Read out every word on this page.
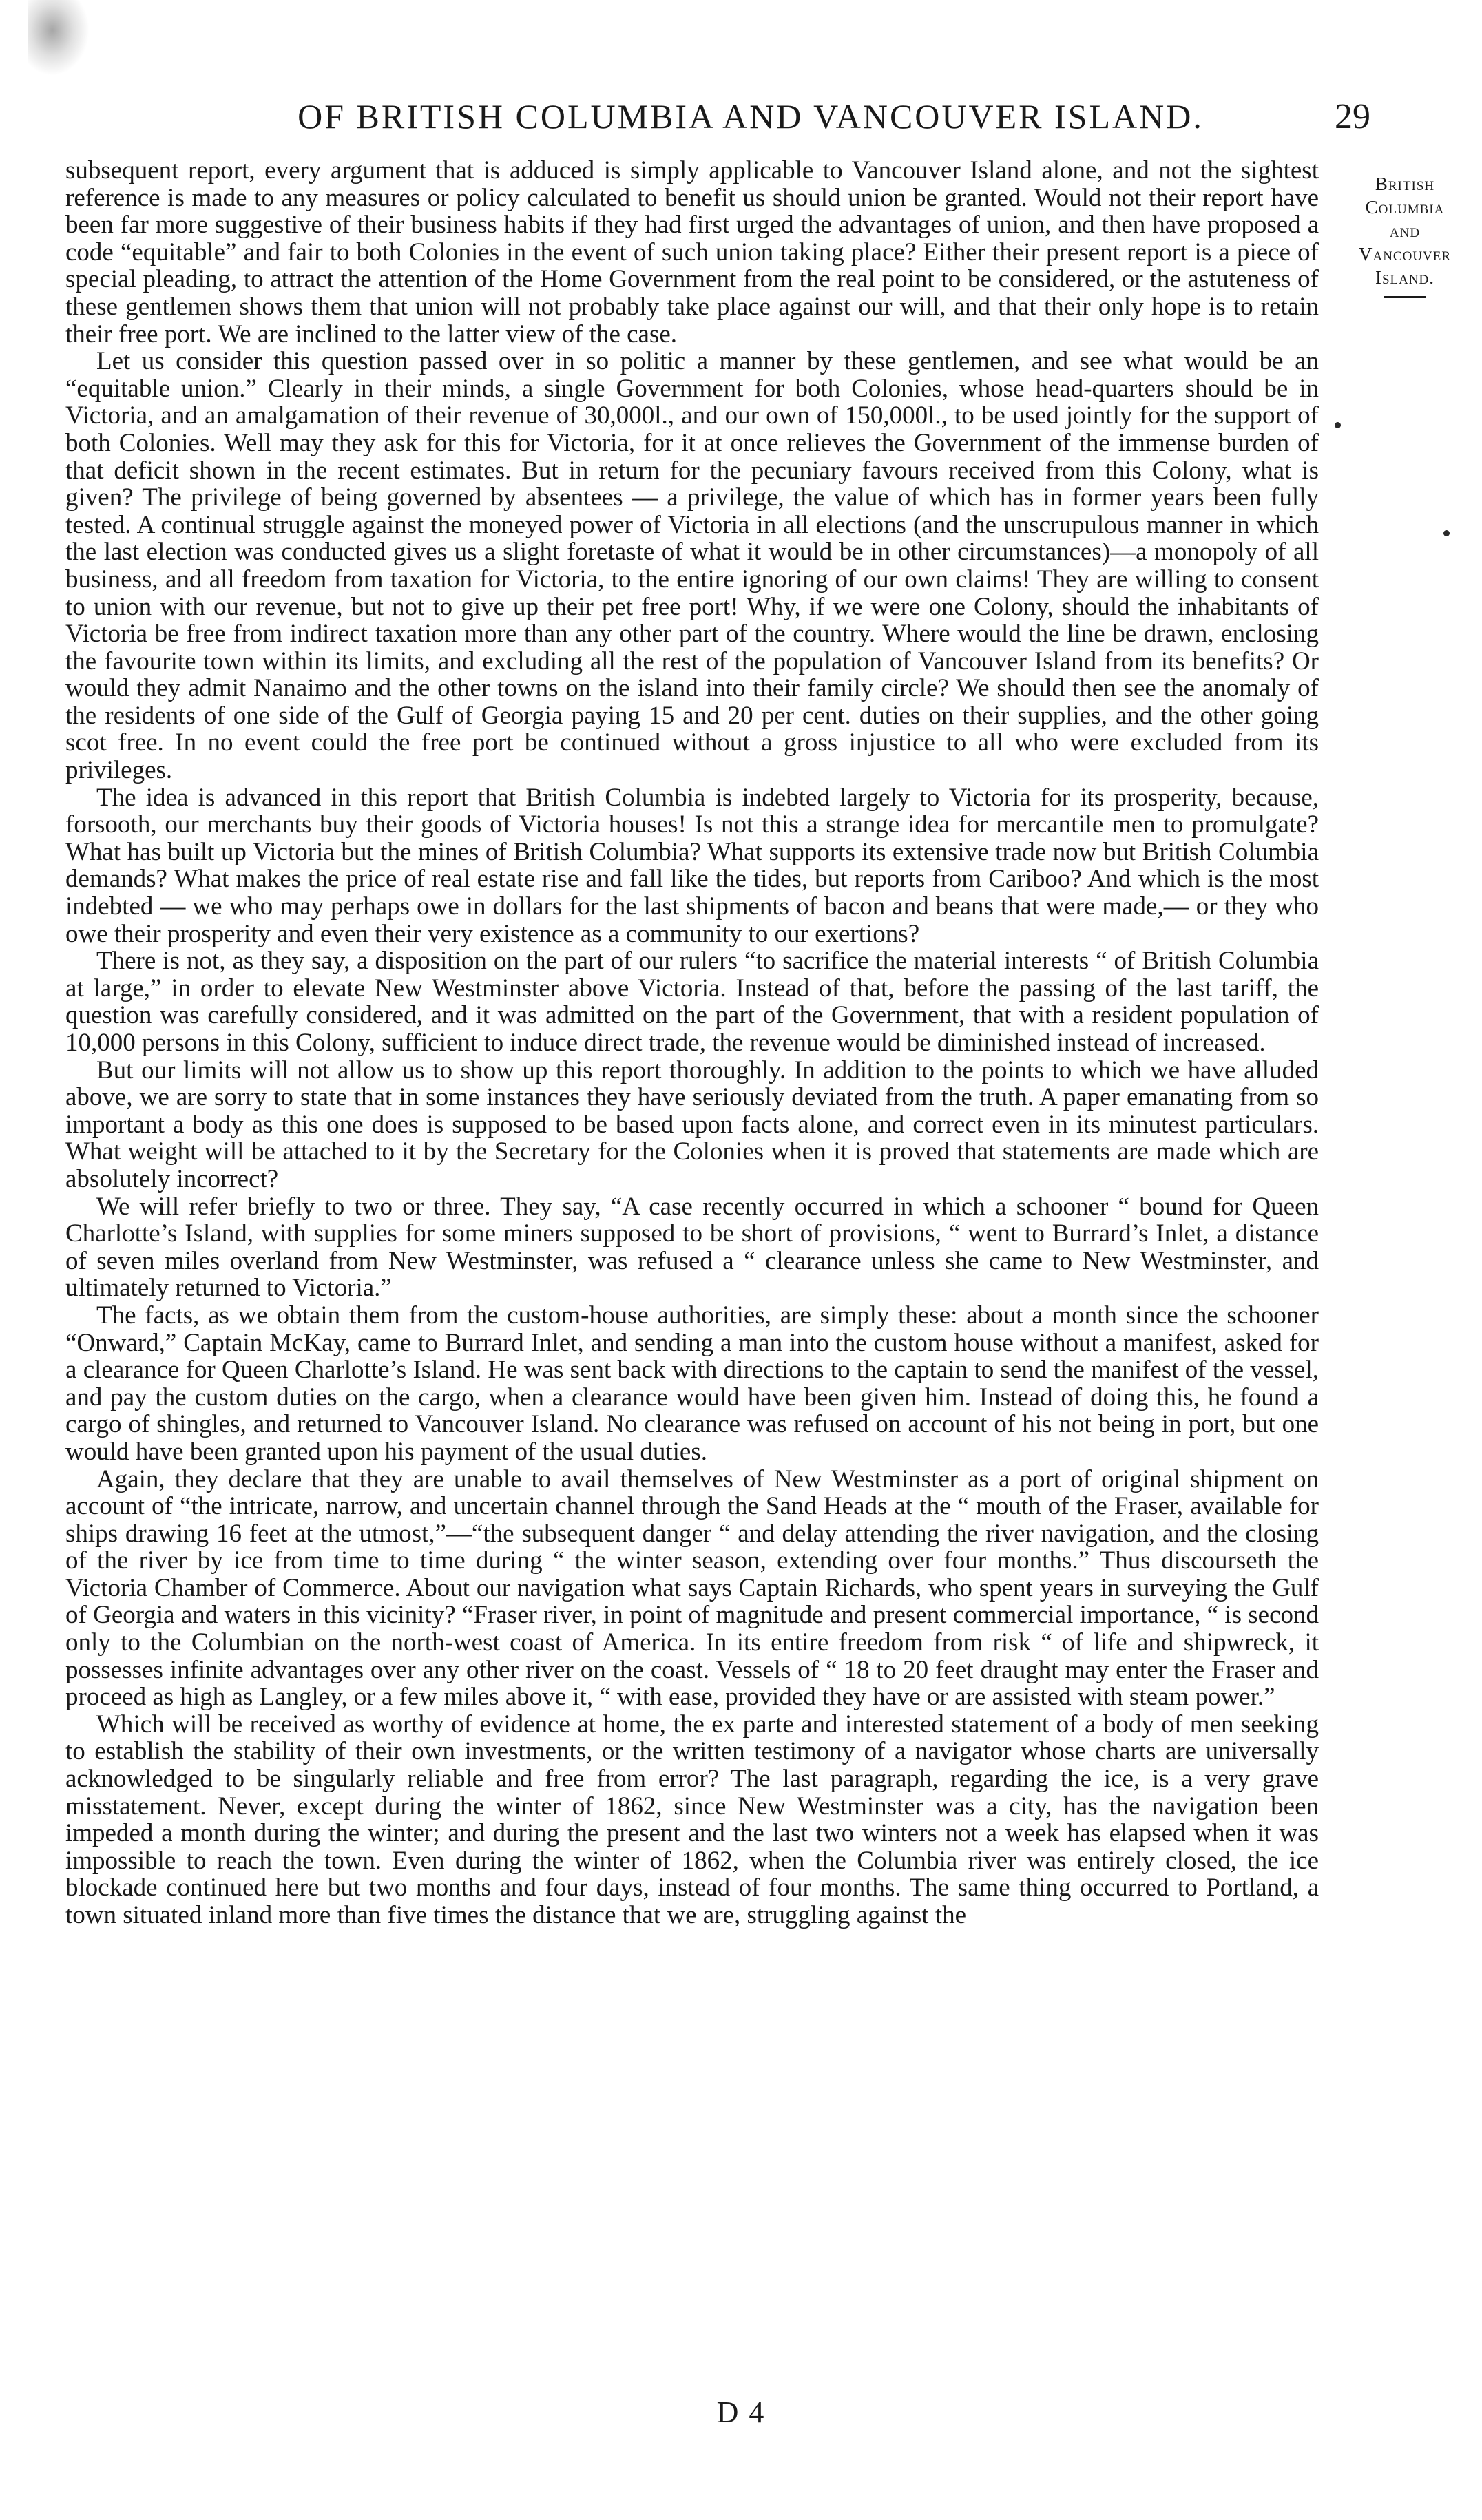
OF BRITISH COLUMBIA AND VANCOUVER ISLAND.	29
British
Columbia
and
Vancouver
Island.

subsequent report, every argument that is adduced is simply applicable to Vancouver Island alone, and not the sightest reference is made to any measures or policy calculated to benefit us should union be granted. Would not their report have been far more suggestive of their business habits if they had first urged the advantages of union, and then have proposed a code “equitable” and fair to both Colonies in the event of such union taking place? Either their present report is a piece of special pleading, to attract the attention of the Home Government from the real point to be considered, or the astuteness of these gentlemen shows them that union will not probably take place against our will, and that their only hope is to retain their free port. We are inclined to the latter view of the case.

Let us consider this question passed over in so politic a manner by these gentlemen, and see what would be an “equitable union.” Clearly in their minds, a single Government for both Colonies, whose head-quarters should be in Victoria, and an amalgamation of their revenue of 30,000l., and our own of 150,000l., to be used jointly for the support of both Colonies. Well may they ask for this for Victoria, for it at once relieves the Government of the immense burden of that deficit shown in the recent estimates. But in return for the pecuniary favours received from this Colony, what is given? The privilege of being governed by absentees — a privilege, the value of which has in former years been fully tested. A continual struggle against the moneyed power of Victoria in all elections (and the unscrupulous manner in which the last election was conducted gives us a slight foretaste of what it would be in other circumstances)—a monopoly of all business, and all freedom from taxation for Victoria, to the entire ignoring of our own claims! They are willing to consent to union with our revenue, but not to give up their pet free port! Why, if we were one Colony, should the inhabitants of Victoria be free from indirect taxation more than any other part of the country. Where would the line be drawn, enclosing the favourite town within its limits, and excluding all the rest of the population of Vancouver Island from its benefits? Or would they admit Nanaimo and the other towns on the island into their family circle? We should then see the anomaly of the residents of one side of the Gulf of Georgia paying 15 and 20 per cent. duties on their supplies, and the other going scot free. In no event could the free port be continued without a gross injustice to all who were excluded from its privileges.

The idea is advanced in this report that British Columbia is indebted largely to Victoria for its prosperity, because, forsooth, our merchants buy their goods of Victoria houses! Is not this a strange idea for mercantile men to promulgate? What has built up Victoria but the mines of British Columbia? What supports its extensive trade now but British Columbia demands? What makes the price of real estate rise and fall like the tides, but reports from Cariboo? And which is the most indebted — we who may perhaps owe in dollars for the last shipments of bacon and beans that were made,— or they who owe their prosperity and even their very existence as a community to our exertions?

There is not, as they say, a disposition on the part of our rulers “to sacrifice the material interests “ of British Columbia at large,” in order to elevate New Westminster above Victoria. Instead of that, before the passing of the last tariff, the question was carefully considered, and it was admitted on the part of the Government, that with a resident population of 10,000 persons in this Colony, sufficient to induce direct trade, the revenue would be diminished instead of increased.

But our limits will not allow us to show up this report thoroughly. In addition to the points to which we have alluded above, we are sorry to state that in some instances they have seriously deviated from the truth. A paper emanating from so important a body as this one does is supposed to be based upon facts alone, and correct even in its minutest particulars. What weight will be attached to it by the Secretary for the Colonies when it is proved that statements are made which are absolutely incorrect?

We will refer briefly to two or three. They say, “A case recently occurred in which a schooner “ bound for Queen Charlotte’s Island, with supplies for some miners supposed to be short of provisions, “ went to Burrard’s Inlet, a distance of seven miles overland from New Westminster, was refused a “ clearance unless she came to New Westminster, and ultimately returned to Victoria.”

The facts, as we obtain them from the custom-house authorities, are simply these: about a month since the schooner “Onward,” Captain McKay, came to Burrard Inlet, and sending a man into the custom house without a manifest, asked for a clearance for Queen Charlotte’s Island. He was sent back with directions to the captain to send the manifest of the vessel, and pay the custom duties on the cargo, when a clearance would have been given him. Instead of doing this, he found a cargo of shingles, and returned to Vancouver Island. No clearance was refused on account of his not being in port, but one would have been granted upon his payment of the usual duties.

Again, they declare that they are unable to avail themselves of New Westminster as a port of original shipment on account of “the intricate, narrow, and uncertain channel through the Sand Heads at the “ mouth of the Fraser, available for ships drawing 16 feet at the utmost,”—“the subsequent danger “ and delay attending the river navigation, and the closing of the river by ice from time to time during “ the winter season, extending over four months.” Thus discourseth the Victoria Chamber of Commerce. About our navigation what says Captain Richards, who spent years in surveying the Gulf of Georgia and waters in this vicinity? “Fraser river, in point of magnitude and present commercial importance, “ is second only to the Columbian on the north-west coast of America. In its entire freedom from risk “ of life and shipwreck, it possesses infinite advantages over any other river on the coast. Vessels of “ 18 to 20 feet draught may enter the Fraser and proceed as high as Langley, or a few miles above it, “ with ease, provided they have or are assisted with steam power.”

Which will be received as worthy of evidence at home, the ex parte and interested statement of a body of men seeking to establish the stability of their own investments, or the written testimony of a navigator whose charts are universally acknowledged to be singularly reliable and free from error? The last paragraph, regarding the ice, is a very grave misstatement. Never, except during the winter of 1862, since New Westminster was a city, has the navigation been impeded a month during the winter; and during the present and the last two winters not a week has elapsed when it was impossible to reach the town. Even during the winter of 1862, when the Columbia river was entirely closed, the ice blockade continued here but two months and four days, instead of four months. The same thing occurred to Portland, a town situated inland more than five times the distance that we are, struggling against the

D 4
